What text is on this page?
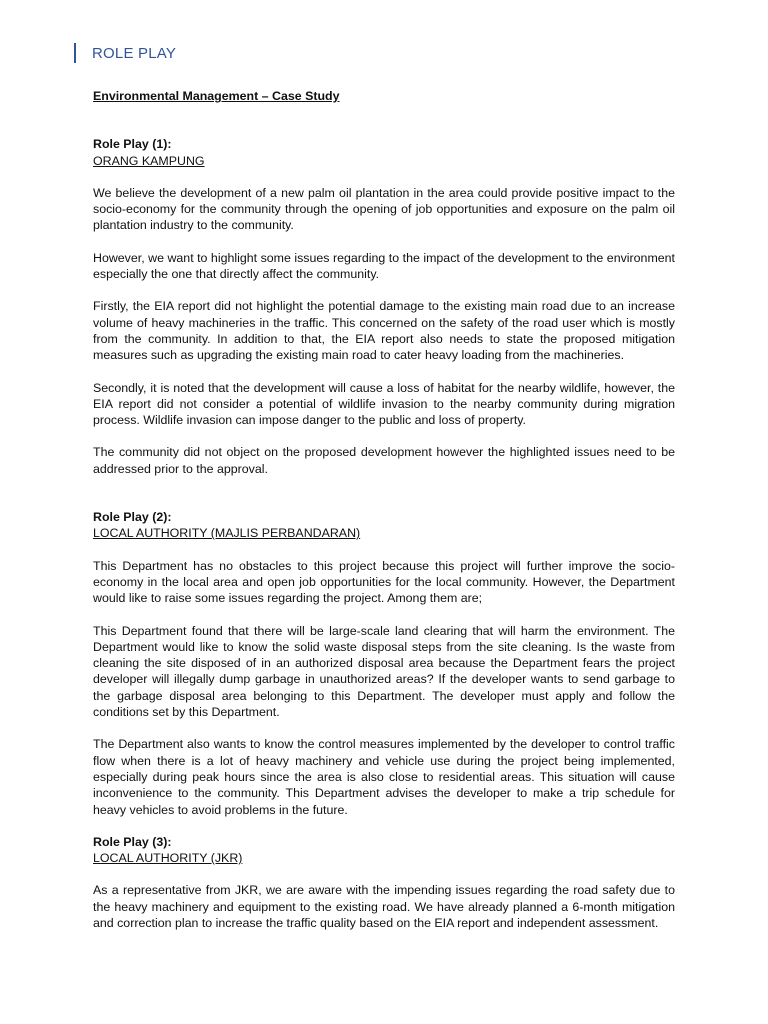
ROLE PLAY

Environmental Management – Case Study

Role Play (1):

ORANG KAMPUNG

We believe the development of a new palm oil plantation in the area could provide positive impact to the socio-economy for the community through the opening of job opportunities and exposure on the palm oil plantation industry to the community.

However, we want to highlight some issues regarding to the impact of the development to the environment especially the one that directly affect the community.

Firstly, the EIA report did not highlight the potential damage to the existing main road due to an increase volume of heavy machineries in the traffic. This concerned on the safety of the road user which is mostly from the community. In addition to that, the EIA report also needs to state the proposed mitigation measures such as upgrading the existing main road to cater heavy loading from the machineries.

Secondly, it is noted that the development will cause a loss of habitat for the nearby wildlife, however, the EIA report did not consider a potential of wildlife invasion to the nearby community during migration process. Wildlife invasion can impose danger to the public and loss of property.

The community did not object on the proposed development however the highlighted issues need to be addressed prior to the approval.

Role Play (2):

LOCAL AUTHORITY (MAJLIS PERBANDARAN)

This Department has no obstacles to this project because this project will further improve the socio-economy in the local area and open job opportunities for the local community. However, the Department would like to raise some issues regarding the project. Among them are;

This Department found that there will be large-scale land clearing that will harm the environment. The Department would like to know the solid waste disposal steps from the site cleaning. Is the waste from cleaning the site disposed of in an authorized disposal area because the Department fears the project developer will illegally dump garbage in unauthorized areas? If the developer wants to send garbage to the garbage disposal area belonging to this Department. The developer must apply and follow the conditions set by this Department.

The Department also wants to know the control measures implemented by the developer to control traffic flow when there is a lot of heavy machinery and vehicle use during the project being implemented, especially during peak hours since the area is also close to residential areas. This situation will cause inconvenience to the community. This Department advises the developer to make a trip schedule for heavy vehicles to avoid problems in the future.

Role Play (3):

LOCAL AUTHORITY (JKR)

As a representative from JKR, we are aware with the impending issues regarding the road safety due to the heavy machinery and equipment to the existing road. We have already planned a 6-month mitigation and correction plan to increase the traffic quality based on the EIA report and independent assessment.
